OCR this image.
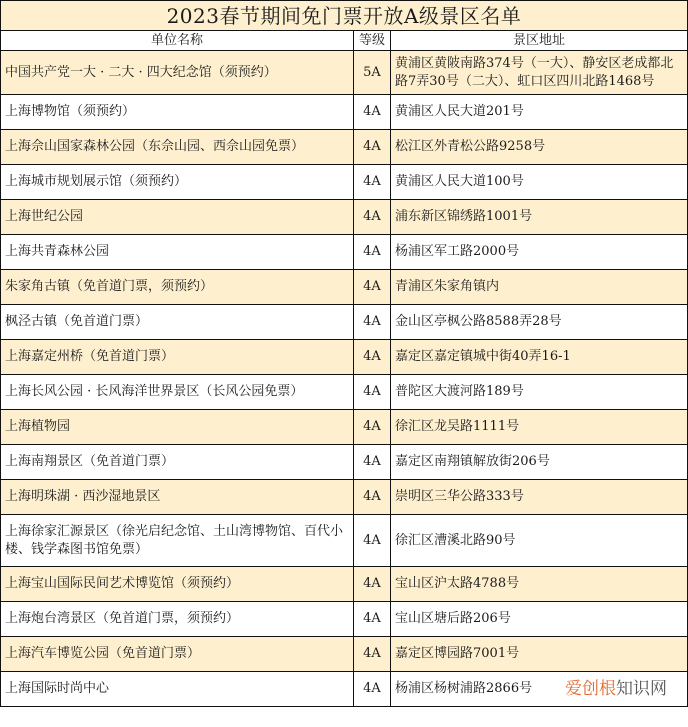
2023春节期间免门票开放A级景区名单		
单位名称	等级	景区地址
中国共产党一大 · 二大 · 四大纪念馆（须预约）	5A	黄浦区黄陂南路374号（一大）、静安区老成都北路7弄30号（二大）、虹口区四川北路1468号
上海博物馆（须预约）	4A	黄浦区人民大道201号
上海佘山国家森林公园（东佘山园、西佘山园免票）	4A	松江区外青松公路9258号
上海城市规划展示馆（须预约）	4A	黄浦区人民大道100号
上海世纪公园	4A	浦东新区锦绣路1001号
上海共青森林公园	4A	杨浦区军工路2000号
朱家角古镇（免首道门票，须预约）	4A	青浦区朱家角镇内
枫泾古镇（免首道门票）	4A	金山区亭枫公路8588弄28号
上海嘉定州桥（免首道门票）	4A	嘉定区嘉定镇城中街40弄16-1
上海长风公园 · 长风海洋世界景区（长风公园免票）	4A	普陀区大渡河路189号
上海植物园	4A	徐汇区龙吴路1111号
上海南翔景区（免首道门票）	4A	嘉定区南翔镇解放街206号
上海明珠湖 · 西沙湿地景区	4A	崇明区三华公路333号
上海徐家汇源景区（徐光启纪念馆、土山湾博物馆、百代小楼、钱学森图书馆免票）	4A	徐汇区漕溪北路90号
上海宝山国际民间艺术博览馆（须预约）	4A	宝山区沪太路4788号
上海炮台湾景区（免首道门票，须预约）	4A	宝山区塘后路206号
上海汽车博览公园（免首道门票）	4A	嘉定区博园路7001号
上海国际时尚中心	4A	杨浦区杨树浦路2866号 爱创根知识网
